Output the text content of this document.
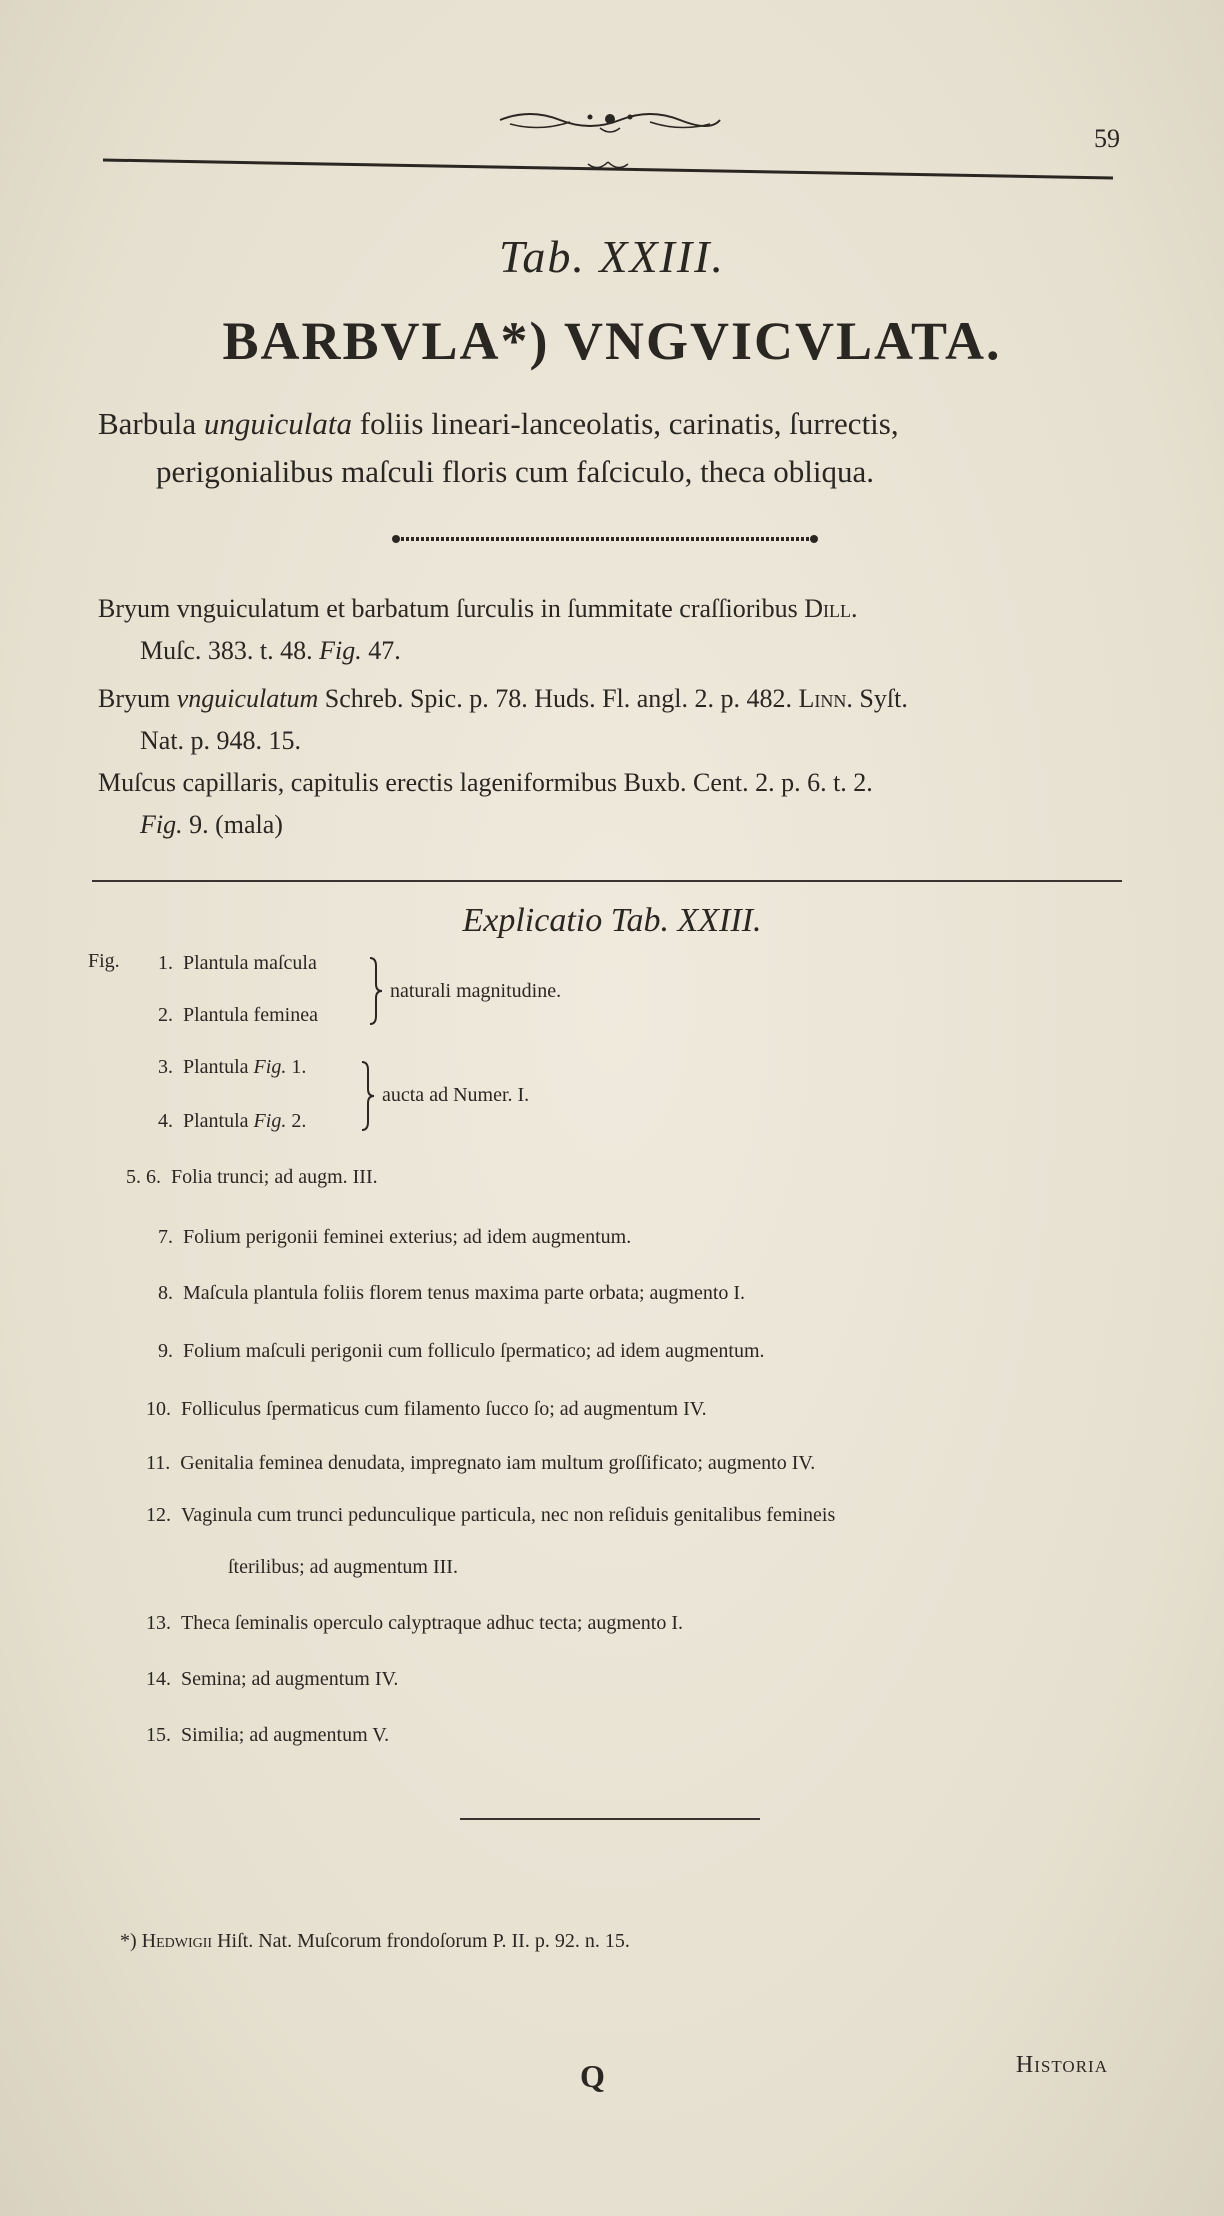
59
Tab. XXIII.
BARBVLA*) VNGVICVLATA.
Barbula unguiculata foliis lineari-lanceolatis, carinatis, ſurrectis,
perigonialibus maſculi floris cum faſciculo, theca obliqua.
Bryum vnguiculatum et barbatum ſurculis in ſummitate craſſioribus Dill.
Muſc. 383. t. 48. Fig. 47.
Bryum vnguiculatum Schreb. Spic. p. 78. Huds. Fl. angl. 2. p. 482. Linn. Syſt.
Nat. p. 948. 15.
Muſcus capillaris, capitulis erectis lageniformibus Buxb. Cent. 2. p. 6. t. 2.
Fig. 9. (mala)
Explicatio Tab. XXIII.
Fig. 1. Plantula maſcula
2. Plantula feminea
naturali magnitudine.
3. Plantula Fig. 1.
4. Plantula Fig. 2.
aucta ad Numer. I.
5. 6. Folia trunci; ad augm. III.
7. Folium perigonii feminei exterius; ad idem augmentum.
8. Maſcula plantula foliis florem tenus maxima parte orbata; augmento I.
9. Folium maſculi perigonii cum folliculo ſpermatico; ad idem augmentum.
10. Folliculus ſpermaticus cum filamento ſucco ſo; ad augmentum IV.
11. Genitalia feminea denudata, impregnato iam multum groſſificato; augmento IV.
12. Vaginula cum trunci pedunculique particula, nec non reſiduis genitalibus femineis
ſterilibus; ad augmentum III.
13. Theca ſeminalis operculo calyptraque adhuc tecta; augmento I.
14. Semina; ad augmentum IV.
15. Similia; ad augmentum V.
*) Hedwigii Hiſt. Nat. Muſcorum frondoſorum P. II. p. 92. n. 15.
Q	Historia
